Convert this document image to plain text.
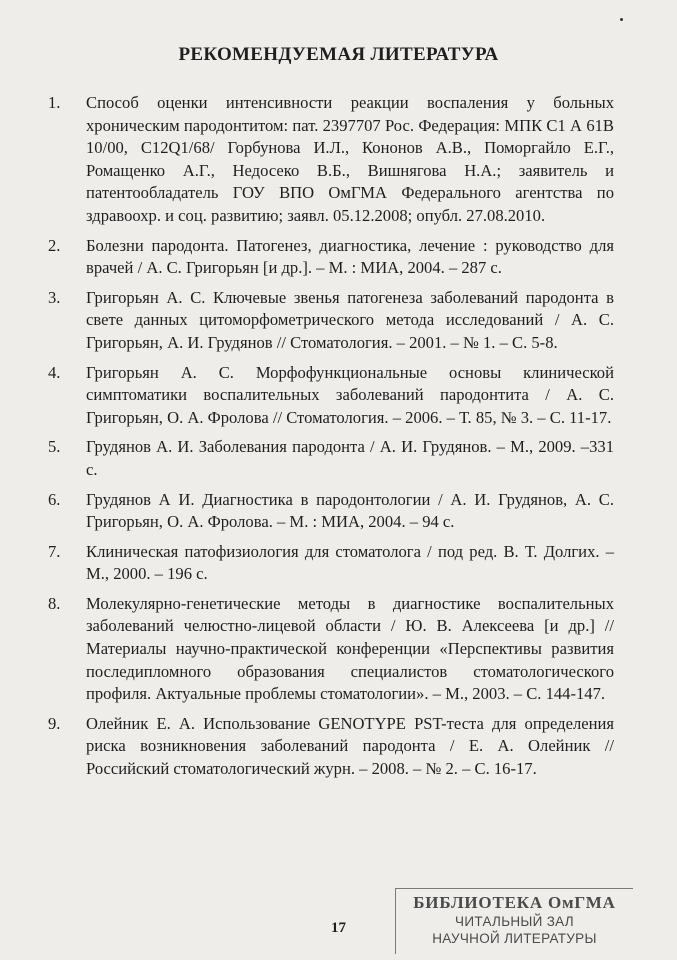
РЕКОМЕНДУЕМАЯ ЛИТЕРАТУРА
1.	Способ оценки интенсивности реакции воспаления у больных хроническим пародонтитом: пат. 2397707 Рос. Федерация: МПК С1 А 61В 10/00, С12Q1/68/ Горбунова И.Л., Кононов А.В., Поморгайло Е.Г., Ромащенко А.Г., Недосеко В.Б., Вишнягова Н.А.; заявитель и патентообладатель ГОУ ВПО ОмГМА Федерального агентства по здравоохр. и соц. развитию; заявл. 05.12.2008; опубл. 27.08.2010.
2.	Болезни пародонта. Патогенез, диагностика, лечение : руководство для врачей / А. С. Григорьян [и др.]. – М. : МИА, 2004. – 287 с.
3.	Григорьян А. С. Ключевые звенья патогенеза заболеваний пародонта в свете данных цитоморфометрического метода исследований / А. С. Григорьян, А. И. Грудянов // Стоматология. – 2001. – № 1. – С. 5-8.
4.	Григорьян А. С. Морфофункциональные основы клинической симптоматики воспалительных заболеваний пародонтита / А. С. Григорьян, О. А. Фролова // Стоматология. – 2006. – Т. 85, № 3. – С. 11-17.
5.	Грудянов А. И. Заболевания пародонта / А. И. Грудянов. – М., 2009. –331 с.
6.	Грудянов А И. Диагностика в пародонтологии / А. И. Грудянов, А. С. Григорьян, О. А. Фролова. – М. : МИА, 2004. – 94 с.
7.	Клиническая патофизиология для стоматолога / под ред. В. Т. Долгих. – М., 2000. – 196 с.
8.	Молекулярно-генетические методы в диагностике воспалительных заболеваний челюстно-лицевой области / Ю. В. Алексеева [и др.] // Материалы научно-практической конференции «Перспективы развития последипломного образования специалистов стоматологического профиля. Актуальные проблемы стоматологии». – М., 2003. – С. 144-147.
9.	Олейник Е. А. Использование GENOTYPE PST-теста для определения риска возникновения заболеваний пародонта / Е. А. Олейник // Российский стоматологический журн. – 2008. – № 2. – С. 16-17.
17
БИБЛИОТЕКА ОмГМА
ЧИТАЛЬНЫЙ ЗАЛ
НАУЧНОЙ ЛИТЕРАТУРЫ
